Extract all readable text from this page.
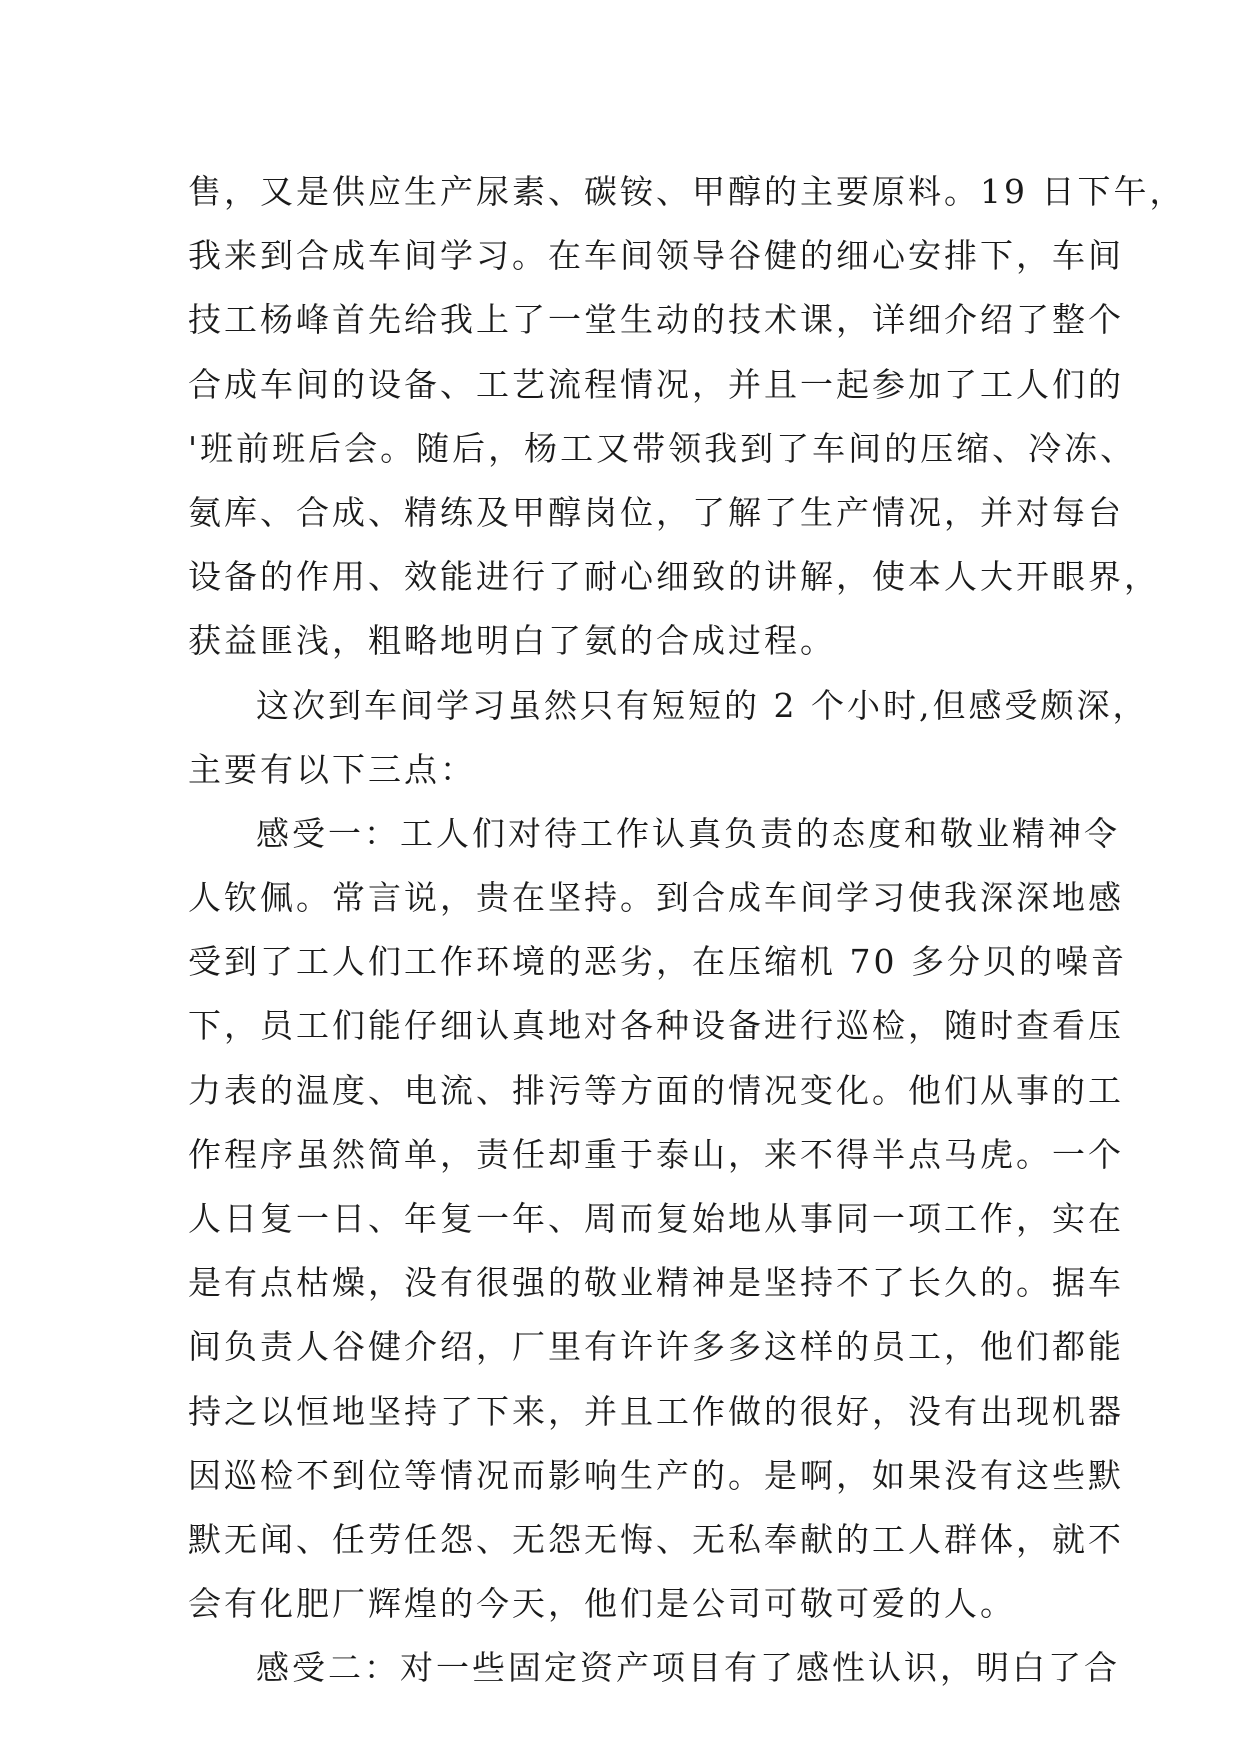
售，又是供应生产尿素、碳铵、甲醇的主要原料。19 日下午，
我来到合成车间学习。在车间领导谷健的细心安排下，车间
技工杨峰首先给我上了一堂生动的技术课，详细介绍了整个
合成车间的设备、工艺流程情况，并且一起参加了工人们的
'班前班后会。随后，杨工又带领我到了车间的压缩、冷冻、
氨库、合成、精练及甲醇岗位，了解了生产情况，并对每台
设备的作用、效能进行了耐心细致的讲解，使本人大开眼界，
获益匪浅，粗略地明白了氨的合成过程。
这次到车间学习虽然只有短短的 2 个小时,但感受颇深，
主要有以下三点：
感受一：工人们对待工作认真负责的态度和敬业精神令
人钦佩。常言说，贵在坚持。到合成车间学习使我深深地感
受到了工人们工作环境的恶劣，在压缩机 70 多分贝的噪音
下，员工们能仔细认真地对各种设备进行巡检，随时查看压
力表的温度、电流、排污等方面的情况变化。他们从事的工
作程序虽然简单，责任却重于泰山，来不得半点马虎。一个
人日复一日、年复一年、周而复始地从事同一项工作，实在
是有点枯燥，没有很强的敬业精神是坚持不了长久的。据车
间负责人谷健介绍，厂里有许许多多这样的员工，他们都能
持之以恒地坚持了下来，并且工作做的很好，没有出现机器
因巡检不到位等情况而影响生产的。是啊，如果没有这些默
默无闻、任劳任怨、无怨无悔、无私奉献的工人群体，就不
会有化肥厂辉煌的今天，他们是公司可敬可爱的人。
感受二：对一些固定资产项目有了感性认识，明白了合
